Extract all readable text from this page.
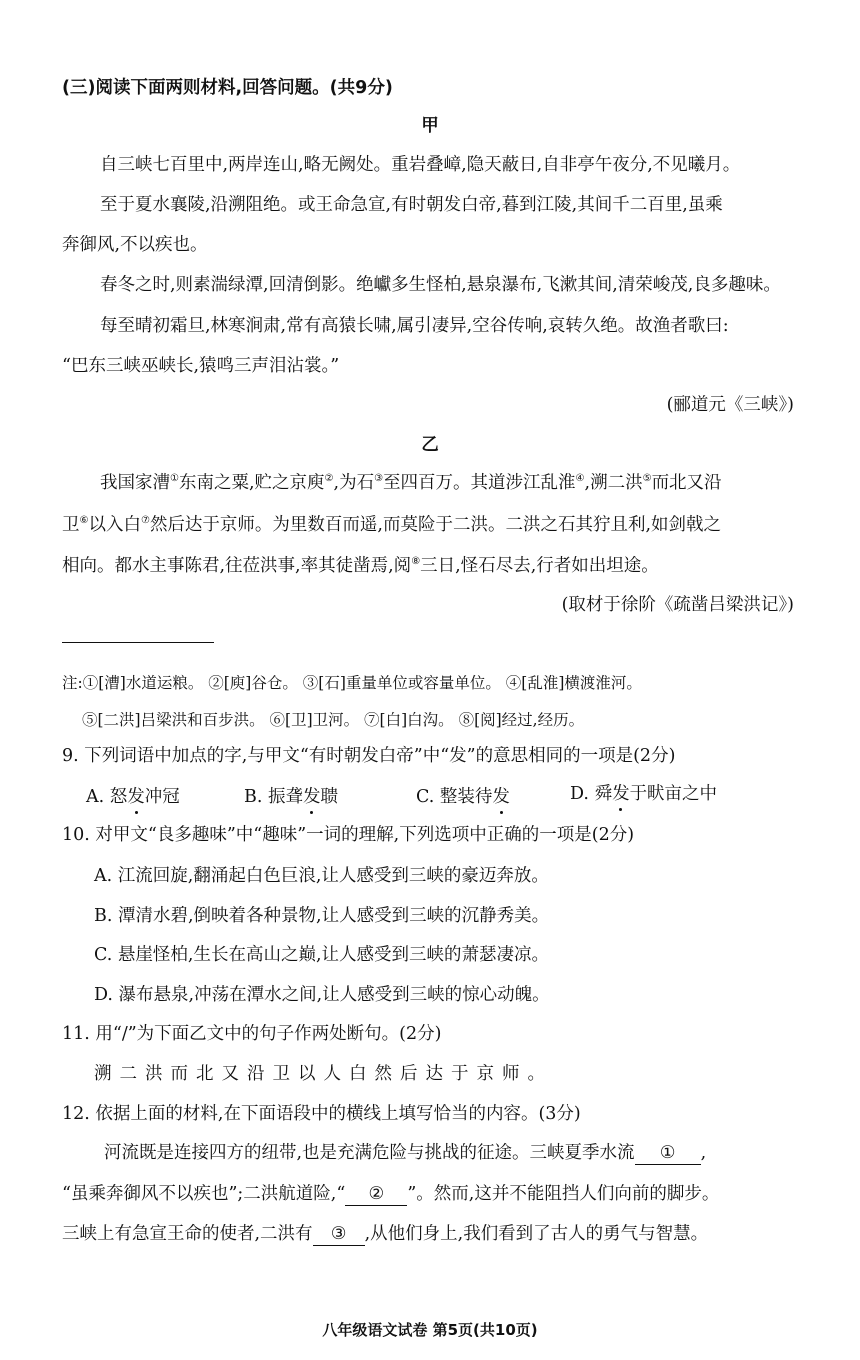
(三)阅读下面两则材料,回答问题。(共9分)
甲
自三峡七百里中,两岸连山,略无阙处。重岩叠嶂,隐天蔽日,自非亭午夜分,不见曦月。
至于夏水襄陵,沿溯阻绝。或王命急宣,有时朝发白帝,暮到江陵,其间千二百里,虽乘
奔御风,不以疾也。
春冬之时,则素湍绿潭,回清倒影。绝巘多生怪柏,悬泉瀑布,飞漱其间,清荣峻茂,良多趣味。
每至晴初霜旦,林寒涧肃,常有高猿长啸,属引凄异,空谷传响,哀转久绝。故渔者歌曰:
“巴东三峡巫峡长,猿鸣三声泪沾裳。”
(郦道元《三峡》)
乙
我国家漕①东南之粟,贮之京庾②,为石③至四百万。其道涉江乱淮④,溯二洪⑤而北又沿
卫⑥以入白⑦然后达于京师。为里数百而遥,而莫险于二洪。二洪之石其狞且利,如剑戟之
相向。都水主事陈君,往莅洪事,率其徒凿焉,阅⑧三日,怪石尽去,行者如出坦途。
(取材于徐阶《疏凿吕梁洪记》)
注:①[漕]水道运粮。 ②[庾]谷仓。 ③[石]重量单位或容量单位。 ④[乱淮]横渡淮河。
⑤[二洪]吕梁洪和百步洪。 ⑥[卫]卫河。 ⑦[白]白沟。 ⑧[阅]经过,经历。
9. 下列词语中加点的字,与甲文“有时朝发白帝”中“发”的意思相同的一项是(2分)
A. 怒发冲冠	B. 振聋发聩	C. 整装待发	D. 舜发于畎亩之中
10. 对甲文“良多趣味”中“趣味”一词的理解,下列选项中正确的一项是(2分)
A. 江流回旋,翻涌起白色巨浪,让人感受到三峡的豪迈奔放。
B. 潭清水碧,倒映着各种景物,让人感受到三峡的沉静秀美。
C. 悬崖怪柏,生长在高山之巅,让人感受到三峡的萧瑟凄凉。
D. 瀑布悬泉,冲荡在潭水之间,让人感受到三峡的惊心动魄。
11. 用“/”为下面乙文中的句子作两处断句。(2分)
溯二洪而北又沿卫以人白然后达于京师。
12. 依据上面的材料,在下面语段中的横线上填写恰当的内容。(3分)
河流既是连接四方的纽带,也是充满危险与挑战的征途。三峡夏季水流 ① ,
“虽乘奔御风不以疾也”;二洪航道险,“ ② ”。然而,这并不能阻挡人们向前的脚步。
三峡上有急宣王命的使者,二洪有 ③ ,从他们身上,我们看到了古人的勇气与智慧。
八年级语文试卷 第5页(共10页)
